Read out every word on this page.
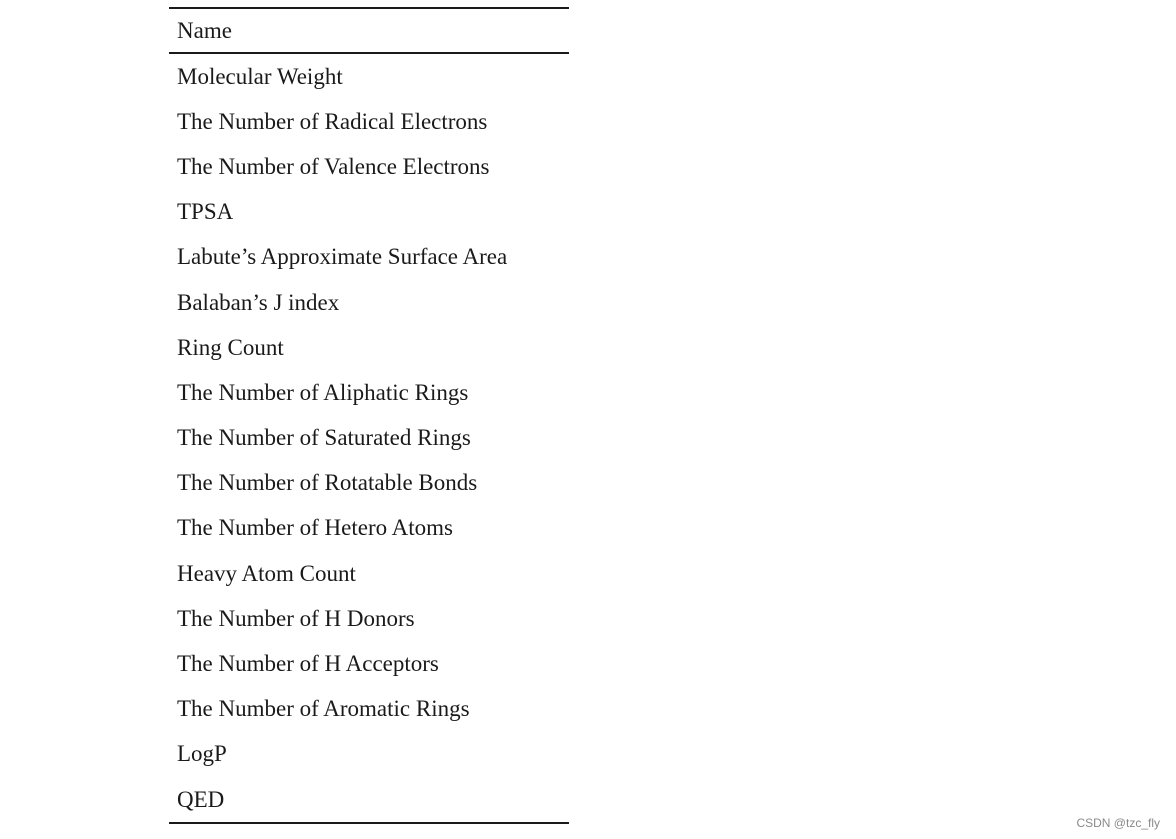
Name
Molecular Weight
The Number of Radical Electrons
The Number of Valence Electrons
TPSA
Labute’s Approximate Surface Area
Balaban’s J index
Ring Count
The Number of Aliphatic Rings
The Number of Saturated Rings
The Number of Rotatable Bonds
The Number of Hetero Atoms
Heavy Atom Count
The Number of H Donors
The Number of H Acceptors
The Number of Aromatic Rings
LogP
QED
CSDN @tzc_fly
